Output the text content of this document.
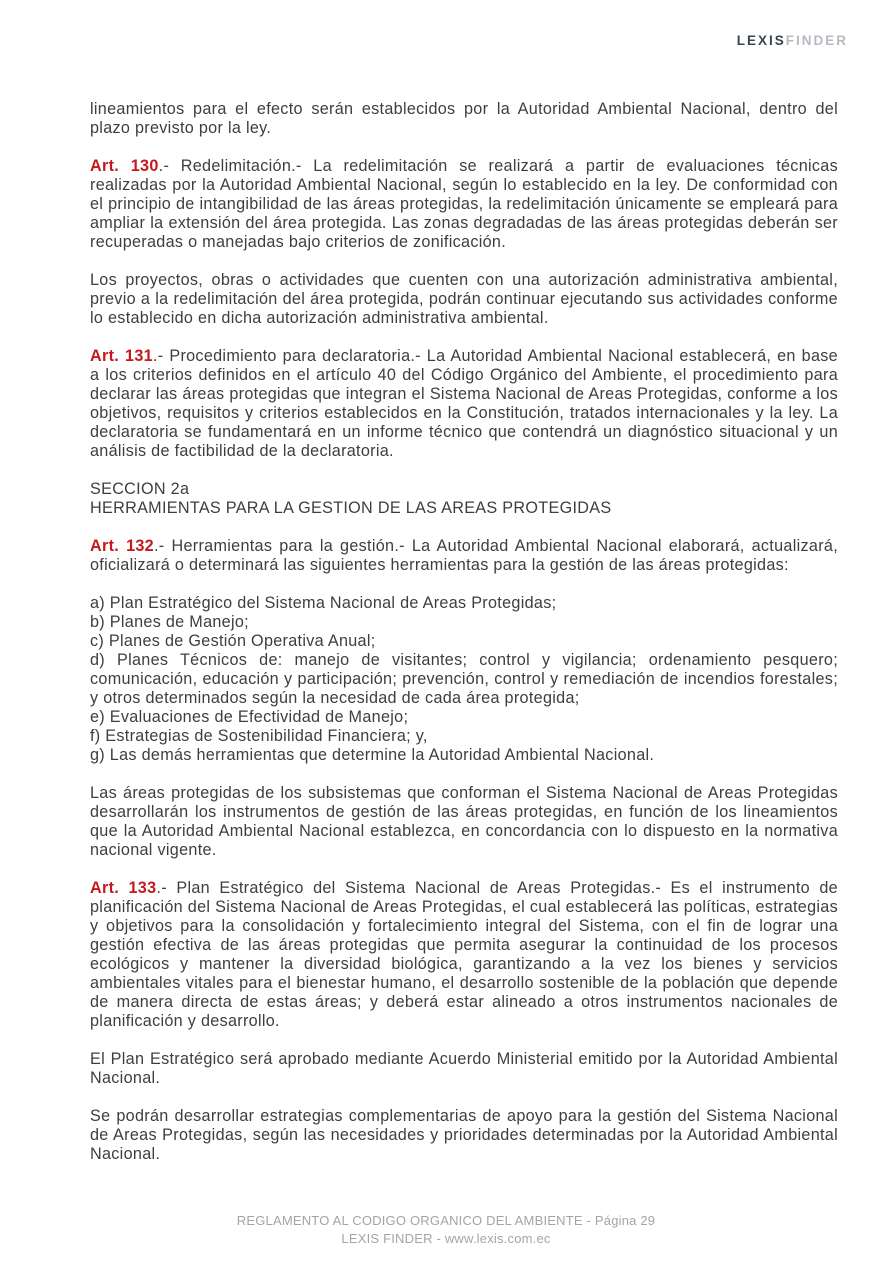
LEXISFINDER

lineamientos para el efecto serán establecidos por la Autoridad Ambiental Nacional, dentro del plazo previsto por la ley.

Art. 130.- Redelimitación.- La redelimitación se realizará a partir de evaluaciones técnicas realizadas por la Autoridad Ambiental Nacional, según lo establecido en la ley. De conformidad con el principio de intangibilidad de las áreas protegidas, la redelimitación únicamente se empleará para ampliar la extensión del área protegida. Las zonas degradadas de las áreas protegidas deberán ser recuperadas o manejadas bajo criterios de zonificación.

Los proyectos, obras o actividades que cuenten con una autorización administrativa ambiental, previo a la redelimitación del área protegida, podrán continuar ejecutando sus actividades conforme lo establecido en dicha autorización administrativa ambiental.

Art. 131.- Procedimiento para declaratoria.- La Autoridad Ambiental Nacional establecerá, en base a los criterios definidos en el artículo 40 del Código Orgánico del Ambiente, el procedimiento para declarar las áreas protegidas que integran el Sistema Nacional de Areas Protegidas, conforme a los objetivos, requisitos y criterios establecidos en la Constitución, tratados internacionales y la ley. La declaratoria se fundamentará en un informe técnico que contendrá un diagnóstico situacional y un análisis de factibilidad de la declaratoria.

SECCION 2a
HERRAMIENTAS PARA LA GESTION DE LAS AREAS PROTEGIDAS

Art. 132.- Herramientas para la gestión.- La Autoridad Ambiental Nacional elaborará, actualizará, oficializará o determinará las siguientes herramientas para la gestión de las áreas protegidas:

a) Plan Estratégico del Sistema Nacional de Areas Protegidas;
b) Planes de Manejo;
c) Planes de Gestión Operativa Anual;
d) Planes Técnicos de: manejo de visitantes; control y vigilancia; ordenamiento pesquero; comunicación, educación y participación; prevención, control y remediación de incendios forestales; y otros determinados según la necesidad de cada área protegida;
e) Evaluaciones de Efectividad de Manejo;
f) Estrategias de Sostenibilidad Financiera; y,
g) Las demás herramientas que determine la Autoridad Ambiental Nacional.

Las áreas protegidas de los subsistemas que conforman el Sistema Nacional de Areas Protegidas desarrollarán los instrumentos de gestión de las áreas protegidas, en función de los lineamientos que la Autoridad Ambiental Nacional establezca, en concordancia con lo dispuesto en la normativa nacional vigente.

Art. 133.- Plan Estratégico del Sistema Nacional de Areas Protegidas.- Es el instrumento de planificación del Sistema Nacional de Areas Protegidas, el cual establecerá las políticas, estrategias y objetivos para la consolidación y fortalecimiento integral del Sistema, con el fin de lograr una gestión efectiva de las áreas protegidas que permita asegurar la continuidad de los procesos ecológicos y mantener la diversidad biológica, garantizando a la vez los bienes y servicios ambientales vitales para el bienestar humano, el desarrollo sostenible de la población que depende de manera directa de estas áreas; y deberá estar alineado a otros instrumentos nacionales de planificación y desarrollo.

El Plan Estratégico será aprobado mediante Acuerdo Ministerial emitido por la Autoridad Ambiental Nacional.

Se podrán desarrollar estrategias complementarias de apoyo para la gestión del Sistema Nacional de Areas Protegidas, según las necesidades y prioridades determinadas por la Autoridad Ambiental Nacional.

REGLAMENTO AL CODIGO ORGANICO DEL AMBIENTE - Página 29
LEXIS FINDER - www.lexis.com.ec
